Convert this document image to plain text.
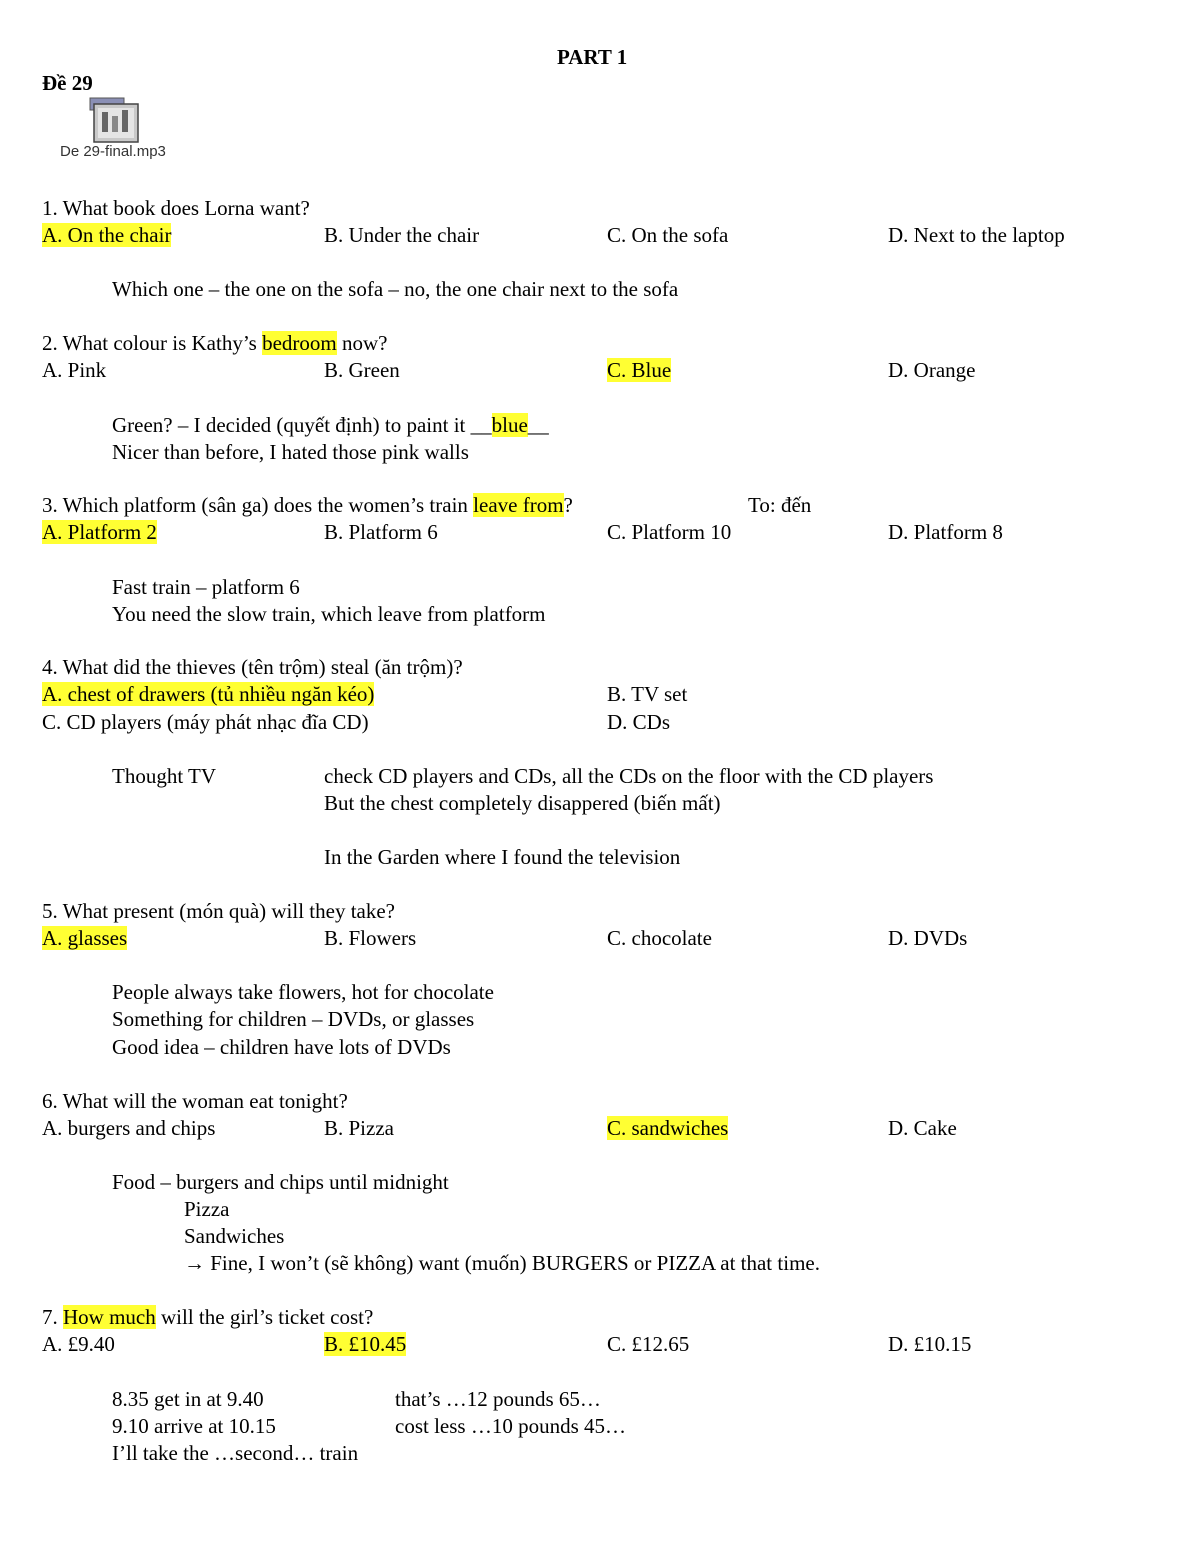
PART 1
Đề 29
De 29-final.mp3
1. What book does Lorna want?
A. On the chair	B. Under the chair	C. On the sofa	D. Next to the laptop
Which one – the one on the sofa – no, the one chair next to the sofa
2. What colour is Kathy’s bedroom now?
A. Pink	B. Green	C. Blue	D. Orange
Green? – I decided (quyết định) to paint it __blue__
Nicer than before, I hated those pink walls
3. Which platform (sân ga) does the women’s train leave from?	To: đến
A. Platform 2	B. Platform 6	C. Platform 10	D. Platform 8
Fast train – platform 6
You need the slow train, which leave from platform
4. What did the thieves (tên trộm) steal (ăn trộm)?
A. chest of drawers (tủ nhiều ngăn kéo)	B. TV set
C. CD players (máy phát nhạc đĩa CD)	D. CDs
Thought TV	check CD players and CDs, all the CDs on the floor with the CD players
But the chest completely disappered (biến mất)
In the Garden where I found the television
5. What present (món quà) will they take?
A. glasses	B. Flowers	C. chocolate	D. DVDs
People always take flowers, hot for chocolate
Something for children – DVDs, or glasses
Good idea – children have lots of DVDs
6. What will the woman eat tonight?
A. burgers and chips	B. Pizza	C. sandwiches	D. Cake
Food – burgers and chips until midnight
Pizza
Sandwiches
→ Fine, I won’t (sẽ không) want (muốn) BURGERS or PIZZA at that time.
7. How much will the girl’s ticket cost?
A. £9.40	B. £10.45	C. £12.65	D. £10.15
8.35 get in at 9.40	that’s …12 pounds 65…
9.10 arrive at 10.15	cost less …10 pounds 45…
I’ll take the …second… train
